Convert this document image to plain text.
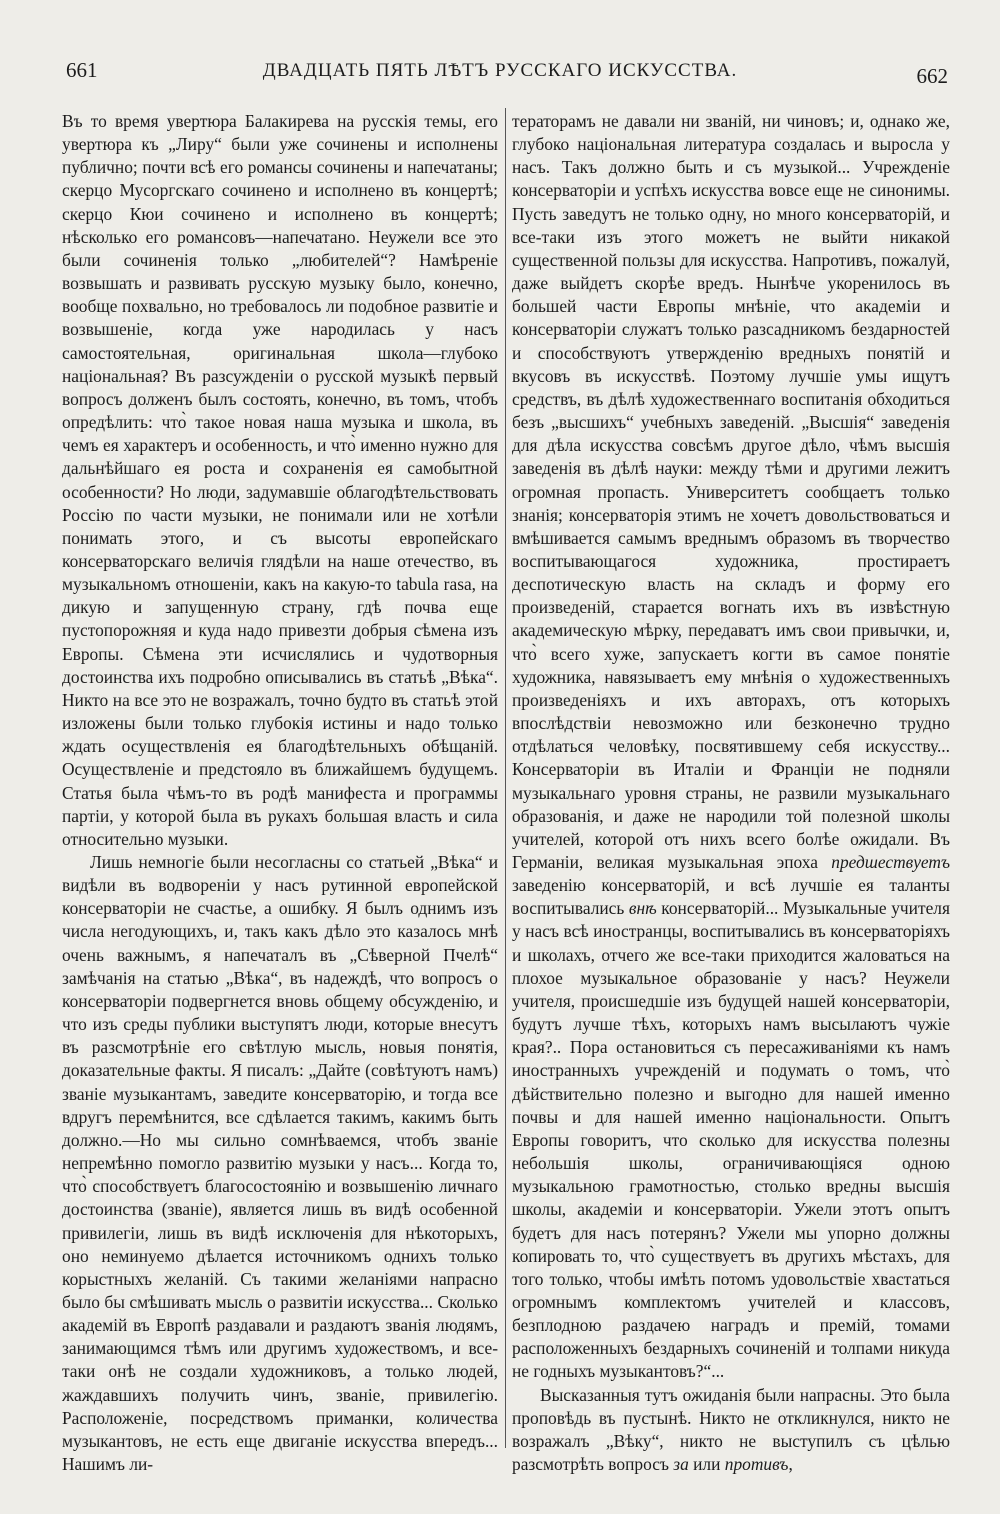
661	ДВАДЦАТЬ ПЯТЬ ЛѢТЪ РУССКАГО ИСКУССТВА.	662

Въ то время увертюра Балакирева на русскія темы, его увертюра къ „Лиру“ были уже сочинены и исполнены публично; почти всѣ его романсы сочинены и напечатаны; скерцо Мусоргскаго сочинено и исполнено въ концертѣ; скерцо Кюи сочинено и исполнено въ концертѣ; нѣсколько его романсовъ—напечатано. Неужели все это были сочиненія только „любителей“? Намѣреніе возвышать и развивать русскую музыку было, конечно, вообще похвально, но требовалось ли подобное развитіе и возвышеніе, когда уже народилась у насъ самостоятельная, оригинальная школа—глубоко національная? Въ разсужденіи о русской музыкѣ первый вопросъ долженъ былъ состоять, конечно, въ томъ, чтобъ опредѣлить: что̀ такое новая наша музыка и школа, въ чемъ ея характеръ и особенность, и что̀ именно нужно для дальнѣйшаго ея роста и сохраненія ея самобытной особенности? Но люди, задумавшіе облагодѣтельствовать Россію по части музыки, не понимали или не хотѣли понимать этого, и съ высоты европейскаго консерваторскаго величія глядѣли на наше отечество, въ музыкальномъ отношеніи, какъ на какую-то tabula rasa, на дикую и запущенную страну, гдѣ почва еще пустопорожняя и куда надо привезти добрыя сѣмена изъ Европы. Сѣмена эти исчислялись и чудотворныя достоинства ихъ подробно описывались въ статьѣ „Вѣка“. Никто на все это не возражалъ, точно будто въ статьѣ этой изложены были только глубокія истины и надо только ждать осуществленія ея благодѣтельныхъ обѣщаній. Осуществленіе и предстояло въ ближайшемъ будущемъ. Статья была чѣмъ-то въ родѣ манифеста и программы партіи, у которой была въ рукахъ большая власть и сила относительно музыки.

Лишь немногіе были несогласны со статьей „Вѣка“ и видѣли въ водвореніи у насъ рутинной европейской консерваторіи не счастье, а ошибку. Я былъ однимъ изъ числа негодующихъ, и, такъ какъ дѣло это казалось мнѣ очень важнымъ, я напечаталъ въ „Сѣверной Пчелѣ“ замѣчанія на статью „Вѣка“, въ надеждѣ, что вопросъ о консерваторіи подвергнется вновь общему обсужденію, и что изъ среды публики выступятъ люди, которые внесутъ въ разсмотрѣніе его свѣтлую мысль, новыя понятія, доказательные факты. Я писалъ: „Дайте (совѣтуютъ намъ) званіе музыкантамъ, заведите консерваторію, и тогда все вдругъ перемѣнится, все сдѣлается такимъ, какимъ быть должно.—Но мы сильно сомнѣваемся, чтобъ званіе непремѣнно помогло развитію музыки у насъ... Когда то, что̀ способствуетъ благосостоянію и возвышенію личнаго достоинства (званіе), является лишь въ видѣ особенной привилегіи, лишь въ видѣ исключенія для нѣкоторыхъ, оно неминуемо дѣлается источникомъ однихъ только корыстныхъ желаній. Съ такими желаніями напрасно было бы смѣшивать мысль о развитіи искусства... Сколько академій въ Европѣ раздавали и раздаютъ званія людямъ, занимающимся тѣмъ или другимъ художествомъ, и все-таки онѣ не создали художниковъ, а только людей, жаждавшихъ получить чинъ, званіе, привилегію. Расположеніе, посредствомъ приманки, количества музыкантовъ, не есть еще двиганіе искусства впередъ... Нашимъ ли-

тераторамъ не давали ни званій, ни чиновъ; и, однако же, глубоко національная литература создалась и выросла у насъ. Такъ должно быть и съ музыкой... Учрежденіе консерваторіи и успѣхъ искусства вовсе еще не синонимы. Пусть заведутъ не только одну, но много консерваторій, и все-таки изъ этого можетъ не выйти никакой существенной пользы для искусства. Напротивъ, пожалуй, даже выйдетъ скорѣе вредъ. Нынѣче укоренилось въ большей части Европы мнѣніе, что академіи и консерваторіи служатъ только разсадникомъ бездарностей и способствуютъ утвержденію вредныхъ понятій и вкусовъ въ искусствѣ. Поэтому лучшіе умы ищутъ средствъ, въ дѣлѣ художественнаго воспитанія обходиться безъ „высшихъ“ учебныхъ заведеній. „Высшія“ заведенія для дѣла искусства совсѣмъ другое дѣло, чѣмъ высшія заведенія въ дѣлѣ науки: между тѣми и другими лежитъ огромная пропасть. Университетъ сообщаетъ только знанія; консерваторія этимъ не хочетъ довольствоваться и вмѣшивается самымъ вреднымъ образомъ въ творчество воспитывающагося художника, простираетъ деспотическую власть на складъ и форму его произведеній, старается вогнать ихъ въ извѣстную академическую мѣрку, передаватъ имъ свои привычки, и, что̀ всего хуже, запускаетъ когти въ самое понятіе художника, навязываетъ ему мнѣнія о художественныхъ произведеніяхъ и ихъ авторахъ, отъ которыхъ впослѣдствіи невозможно или безконечно трудно отдѣлаться человѣку, посвятившему себя искусству... Консерваторіи въ Италіи и Франціи не подняли музыкальнаго уровня страны, не развили музыкальнаго образованія, и даже не народили той полезной школы учителей, которой отъ нихъ всего болѣе ожидали. Въ Германіи, великая музыкальная эпоха предшествуетъ заведенію консерваторій, и всѣ лучшіе ея таланты воспитывались внѣ консерваторій... Музыкальные учителя у насъ всѣ иностранцы, воспитывались въ консерваторіяхъ и школахъ, отчего же все-таки приходится жаловаться на плохое музыкальное образованіе у насъ? Неужели учителя, происшедшіе изъ будущей нашей консерваторіи, будутъ лучше тѣхъ, которыхъ намъ высылаютъ чужіе края?.. Пора остановиться съ пересаживаніями къ намъ иностранныхъ учрежденій и подумать о томъ, что̀ дѣйствительно полезно и выгодно для нашей именно почвы и для нашей именно національности. Опытъ Европы говоритъ, что сколько для искусства полезны небольшія школы, ограничивающіяся одною музыкальною грамотностью, столько вредны высшія школы, академіи и консерваторіи. Ужели этотъ опытъ будетъ для насъ потерянъ? Ужели мы упорно должны копировать то, что̀ существуетъ въ другихъ мѣстахъ, для того только, чтобы имѣть потомъ удовольствіе хвастаться огромнымъ комплектомъ учителей и классовъ, безплодною раздачею наградъ и премій, томами расположенныхъ бездарныхъ сочиненій и толпами никуда не годныхъ музыкантовъ?“...

Высказанныя тутъ ожиданія были напрасны. Это была проповѣдь въ пустынѣ. Никто не откликнулся, никто не возражалъ „Вѣку“, никто не выступилъ съ цѣлью разсмотрѣть вопросъ за или противъ,
